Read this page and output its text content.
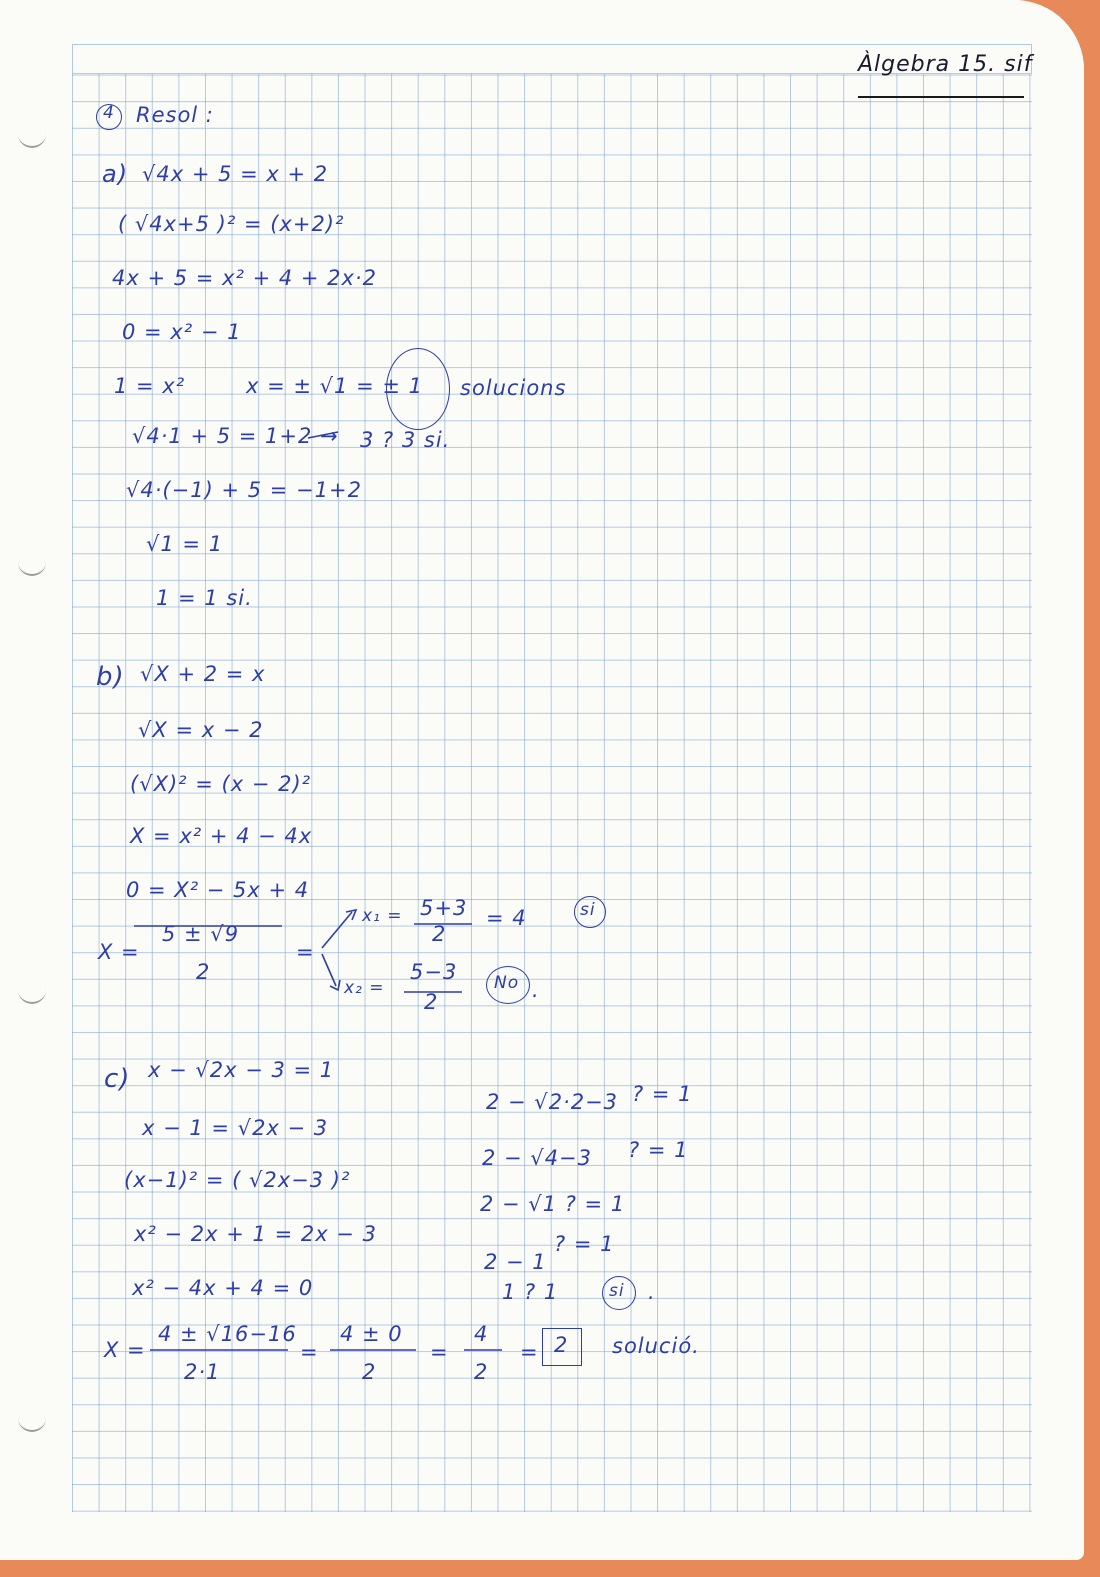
Àlgebra 15. sif
4 Resol :
a) √4x + 5 = x + 2
( √4x+5 )² = (x+2)²
4x + 5 = x² + 4 + 2x·2
0 = x² − 1
1 = x²	x = ± √1 = ± 1 solucions
√4·1 + 5 = 1+2 → 3 ? 3 si.
√4·(−1) + 5 = −1+2
√1 = 1
1 = 1 si.
b) √X + 2 = x
√X = x − 2
(√X)² = (x − 2)²
X = x² + 4 − 4x
0 = X² − 5x + 4
X =
5 ± √9
2
=
x₁ = 5+3
2
= 4	si
x₂ =
5−3
2
No .
c) x − √2x − 3 = 1
x − 1 = √2x − 3
(x−1)² = ( √2x−3 )²
x² − 2x + 1 = 2x − 3
x² − 4x + 4 = 0
X =
4 ± √16−16
2·1
=
4 ± 0
2
=
4
2
= 2 solució.
2 − √2·2−3 ? = 1
2 − √4−3 ? = 1
2 − √1 ? = 1
2 − 1
? = 1
1 ? 1	si .
